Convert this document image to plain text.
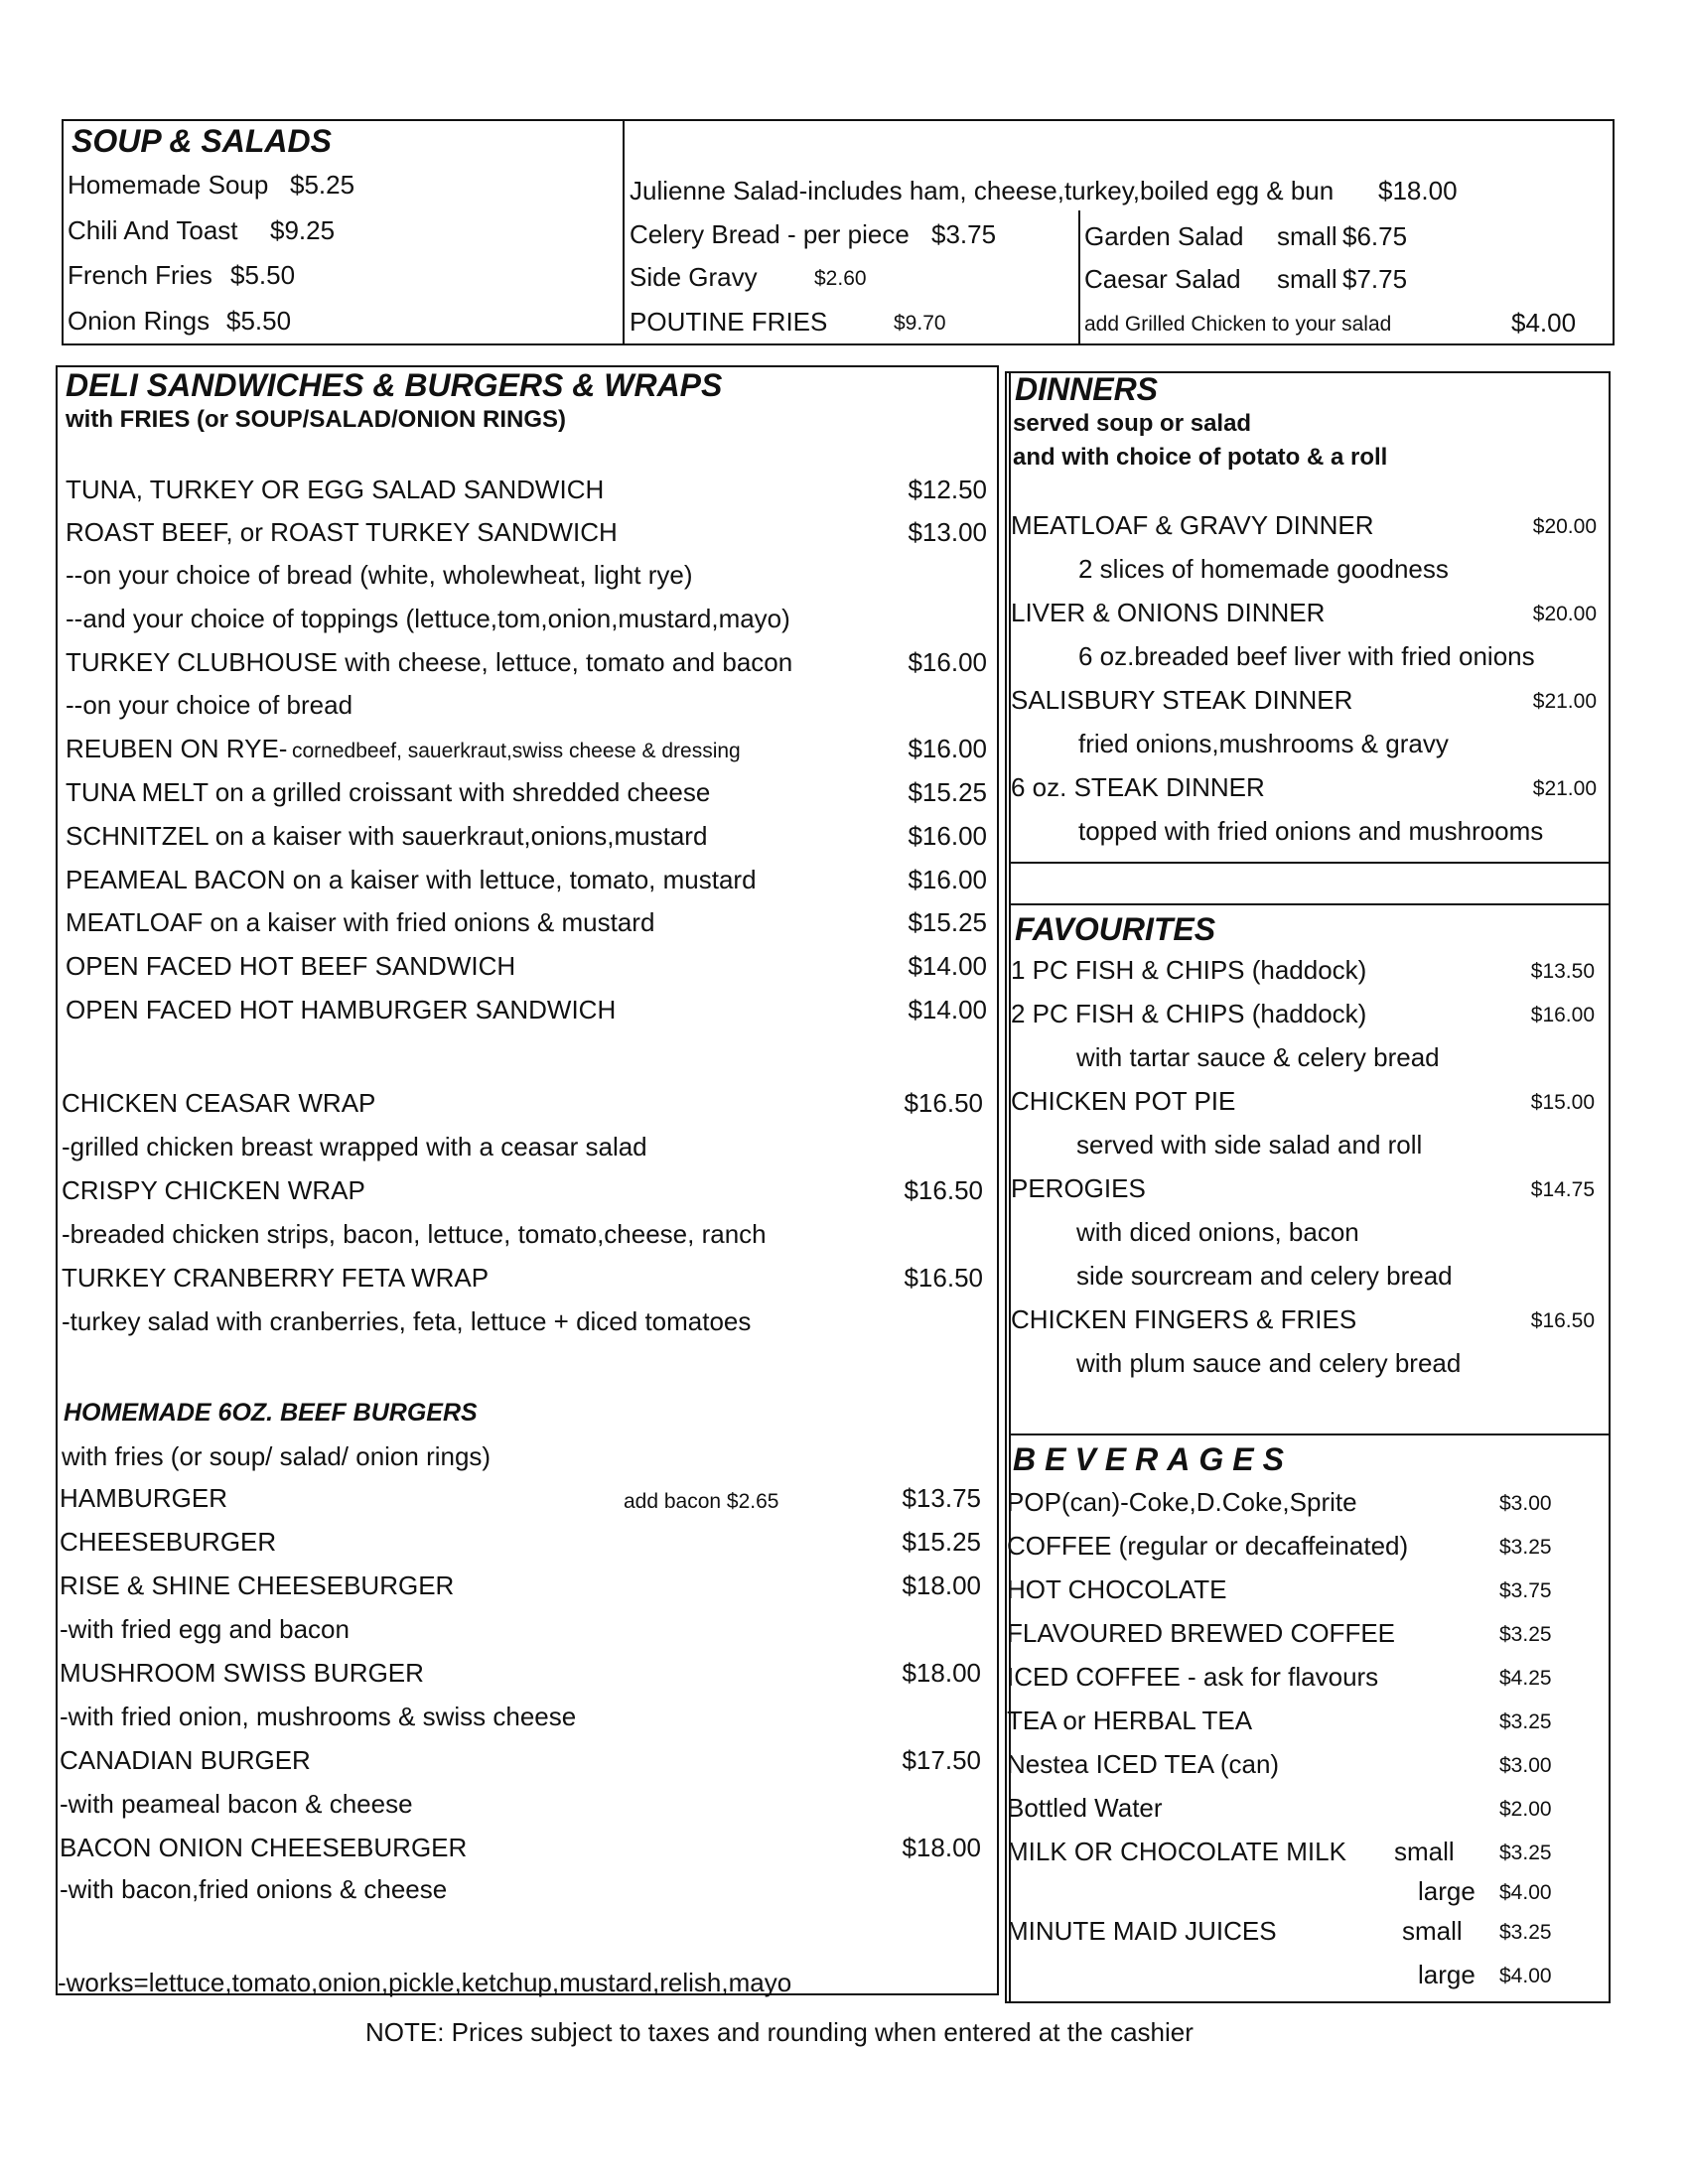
SOUP & SALADS
Homemade Soup $5.25
Chili And Toast $9.25
French Fries $5.50
Onion Rings $5.50
Julienne Salad-includes ham, cheese,turkey,boiled egg & bun $18.00
Celery Bread - per piece $3.75
Side Gravy	$2.60
POUTINE FRIES	$9.70
Garden Salad small $6.75
Caesar Salad small $7.75
add Grilled Chicken to your salad	$4.00
DELI SANDWICHES & BURGERS & WRAPS
with FRIES (or SOUP/SALAD/ONION RINGS)
TUNA, TURKEY OR EGG SALAD SANDWICH	$12.50
ROAST BEEF, or ROAST TURKEY SANDWICH	$13.00
--on your choice of bread (white, wholewheat, light rye)
--and your choice of toppings (lettuce,tom,onion,mustard,mayo)
TURKEY CLUBHOUSE with cheese, lettuce, tomato and bacon	$16.00
--on your choice of bread
REUBEN ON RYE- cornedbeef, sauerkraut,swiss cheese & dressing	$16.00
TUNA MELT on a grilled croissant with shredded cheese	$15.25
SCHNITZEL on a kaiser with sauerkraut,onions,mustard	$16.00
PEAMEAL BACON on a kaiser with lettuce, tomato, mustard	$16.00
MEATLOAF on a kaiser with fried onions & mustard	$15.25
OPEN FACED HOT BEEF SANDWICH	$14.00
OPEN FACED HOT HAMBURGER SANDWICH	$14.00
CHICKEN CEASAR WRAP	$16.50
-grilled chicken breast wrapped with a ceasar salad
CRISPY CHICKEN WRAP	$16.50
-breaded chicken strips, bacon, lettuce, tomato,cheese, ranch
TURKEY CRANBERRY FETA WRAP	$16.50
-turkey salad with cranberries, feta, lettuce + diced tomatoes
HAMBURGER	$13.75
CHEESEBURGER	$15.25
RISE & SHINE CHEESEBURGER	$18.00
-with fried egg and bacon
MUSHROOM SWISS BURGER	$18.00
-with fried onion, mushrooms & swiss cheese
CANADIAN BURGER	$17.50
-with peameal bacon & cheese
BACON ONION CHEESEBURGER	$18.00
-with bacon,fried onions & cheese
HOMEMADE 6OZ. BEEF BURGERS
with fries (or soup/ salad/ onion rings)
add bacon $2.65
-works=lettuce,tomato,onion,pickle,ketchup,mustard,relish,mayo
DINNERS
served soup or salad
and with choice of potato & a roll
MEATLOAF & GRAVY DINNER	$20.00
2 slices of homemade goodness
LIVER & ONIONS DINNER	$20.00
6 oz.breaded beef liver with fried onions
SALISBURY STEAK DINNER	$21.00
fried onions,mushrooms & gravy
6 oz. STEAK DINNER	$21.00
topped with fried onions and mushrooms
FAVOURITES
1 PC FISH & CHIPS (haddock)	$13.50
2 PC FISH & CHIPS (haddock)	$16.00
with tartar sauce & celery bread
CHICKEN POT PIE	$15.00
served with side salad and roll
PEROGIES	$14.75
with diced onions, bacon
side sourcream and celery bread
CHICKEN FINGERS & FRIES	$16.50
with plum sauce and celery bread
BEVERAGES
POP(can)-Coke,D.Coke,Sprite	$3.00
COFFEE (regular or decaffeinated)	$3.25
HOT CHOCOLATE	$3.75
FLAVOURED BREWED COFFEE	$3.25
ICED COFFEE - ask for flavours	$4.25
TEA or HERBAL TEA	$3.25
Nestea ICED TEA (can)	$3.00
Bottled Water	$2.00
MILK OR CHOCOLATE MILK small $3.25
large $4.00
MINUTE MAID JUICES	small $3.25
large $4.00
NOTE: Prices subject to taxes and rounding when entered at the cashier
